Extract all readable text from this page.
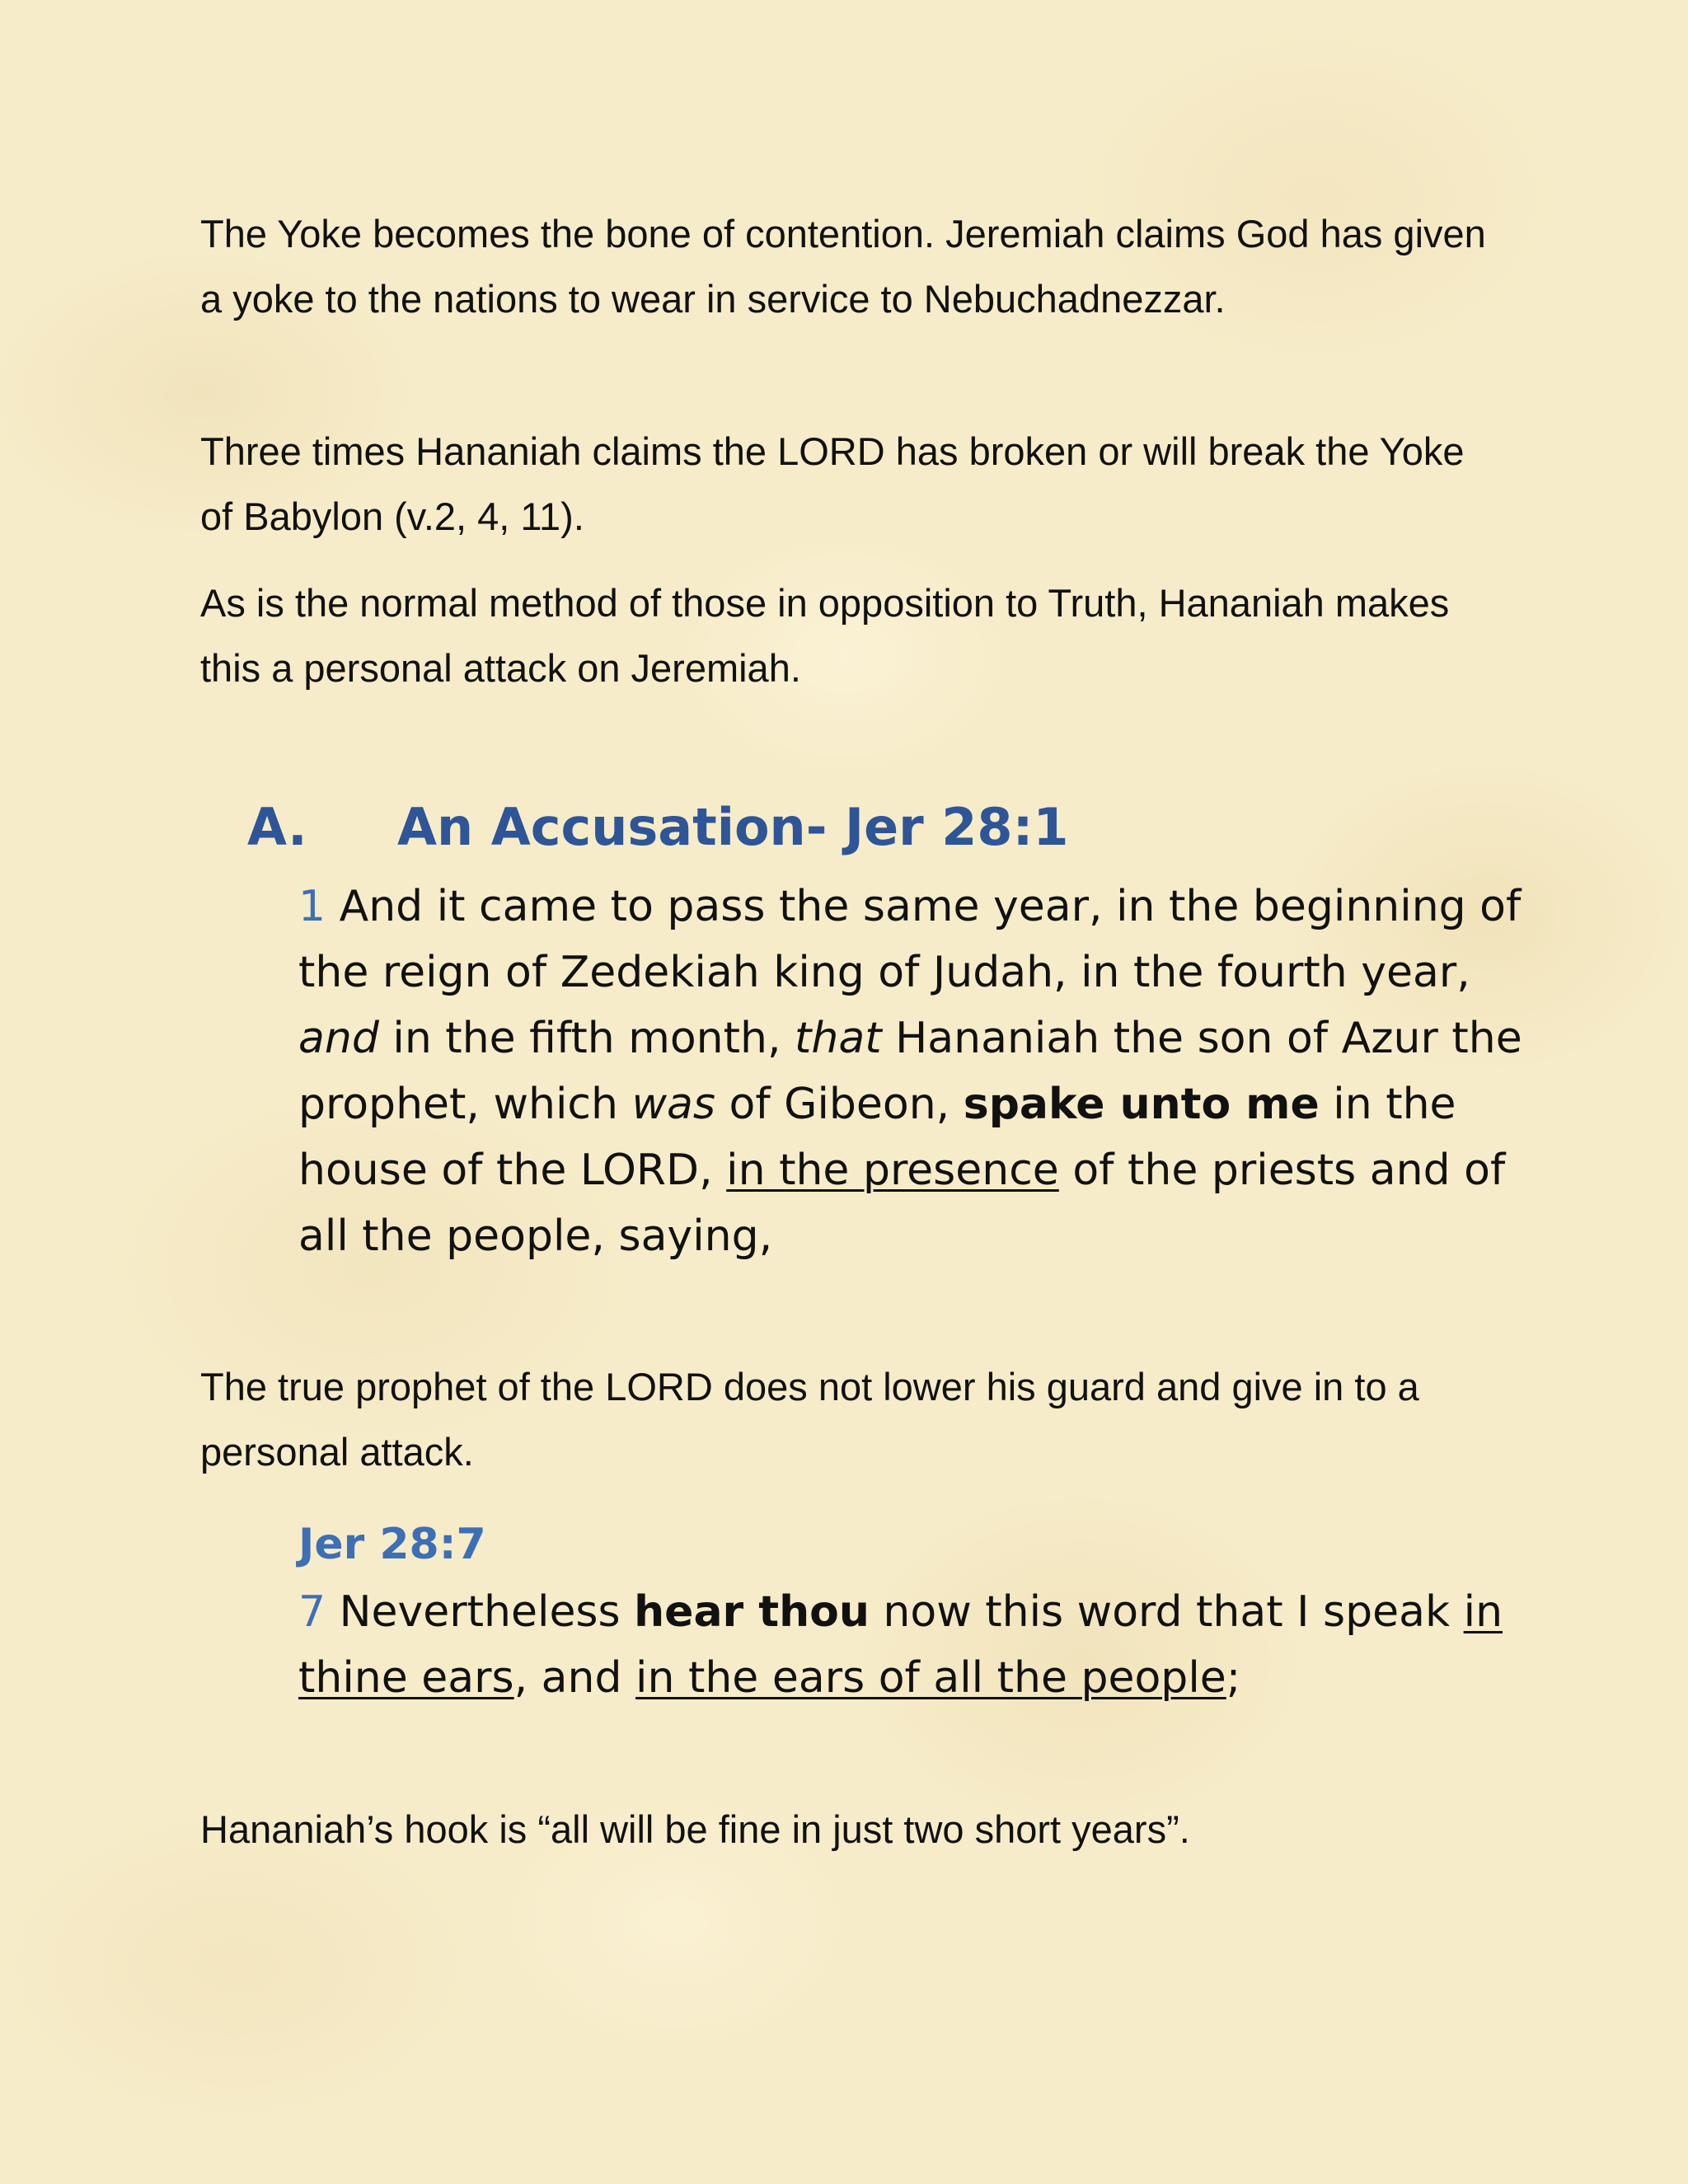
The Yoke becomes the bone of contention. Jeremiah claims God has given a yoke to the nations to wear in service to Nebuchadnezzar.

Three times Hananiah claims the LORD has broken or will break the Yoke of Babylon (v.2, 4, 11).

As is the normal method of those in opposition to Truth, Hananiah makes this a personal attack on Jeremiah.

A. An Accusation- Jer 28:1

1 And it came to pass the same year, in the beginning of the reign of Zedekiah king of Judah, in the fourth year, and in the fifth month, that Hananiah the son of Azur the prophet, which was of Gibeon, spake unto me in the house of the LORD, in the presence of the priests and of all the people, saying,

The true prophet of the LORD does not lower his guard and give in to a personal attack.

Jer 28:7

7 Nevertheless hear thou now this word that I speak in thine ears, and in the ears of all the people;

Hananiah’s hook is “all will be fine in just two short years”.
